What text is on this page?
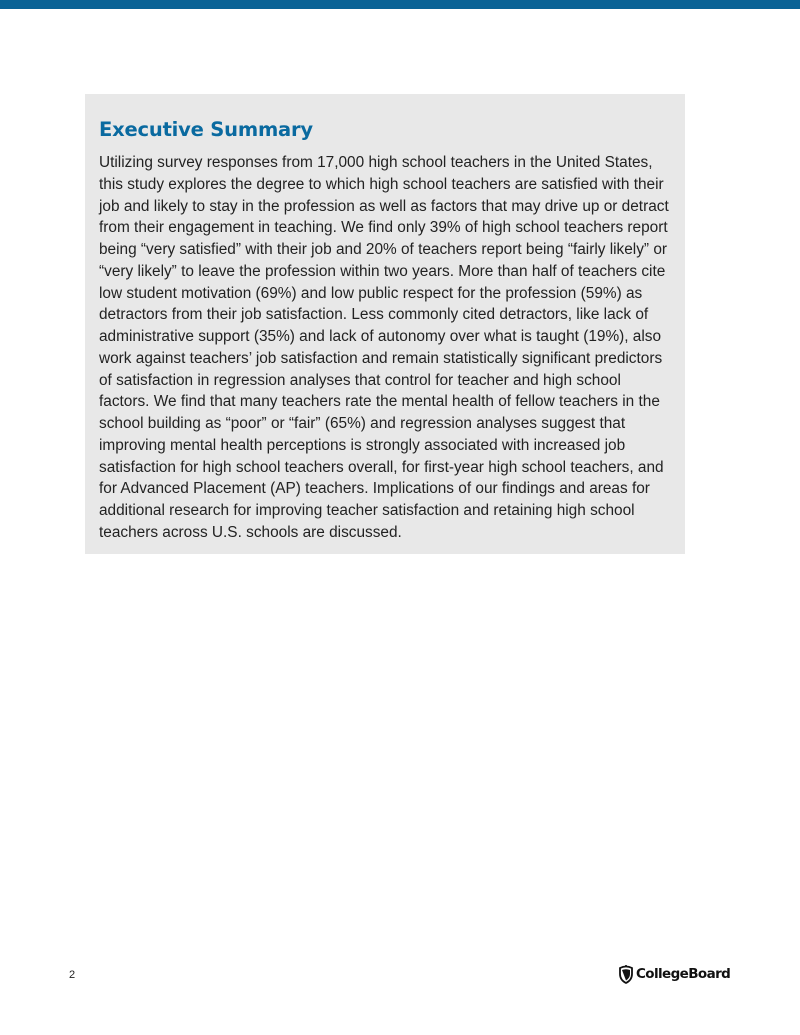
Executive Summary

Utilizing survey responses from 17,000 high school teachers in the United States, this study explores the degree to which high school teachers are satisfied with their job and likely to stay in the profession as well as factors that may drive up or detract from their engagement in teaching. We find only 39% of high school teachers report being “very satisfied” with their job and 20% of teachers report being “fairly likely” or “very likely” to leave the profession within two years. More than half of teachers cite low student motivation (69%) and low public respect for the profession (59%) as detractors from their job satisfaction. Less commonly cited detractors, like lack of administrative support (35%) and lack of autonomy over what is taught (19%), also work against teachers’ job satisfaction and remain statistically significant predictors of satisfaction in regression analyses that control for teacher and high school factors. We find that many teachers rate the mental health of fellow teachers in the school building as “poor” or “fair” (65%) and regression analyses suggest that improving mental health perceptions is strongly associated with increased job satisfaction for high school teachers overall, for first-year high school teachers, and for Advanced Placement (AP) teachers. Implications of our findings and areas for additional research for improving teacher satisfaction and retaining high school teachers across U.S. schools are discussed.

2	CollegeBoard
